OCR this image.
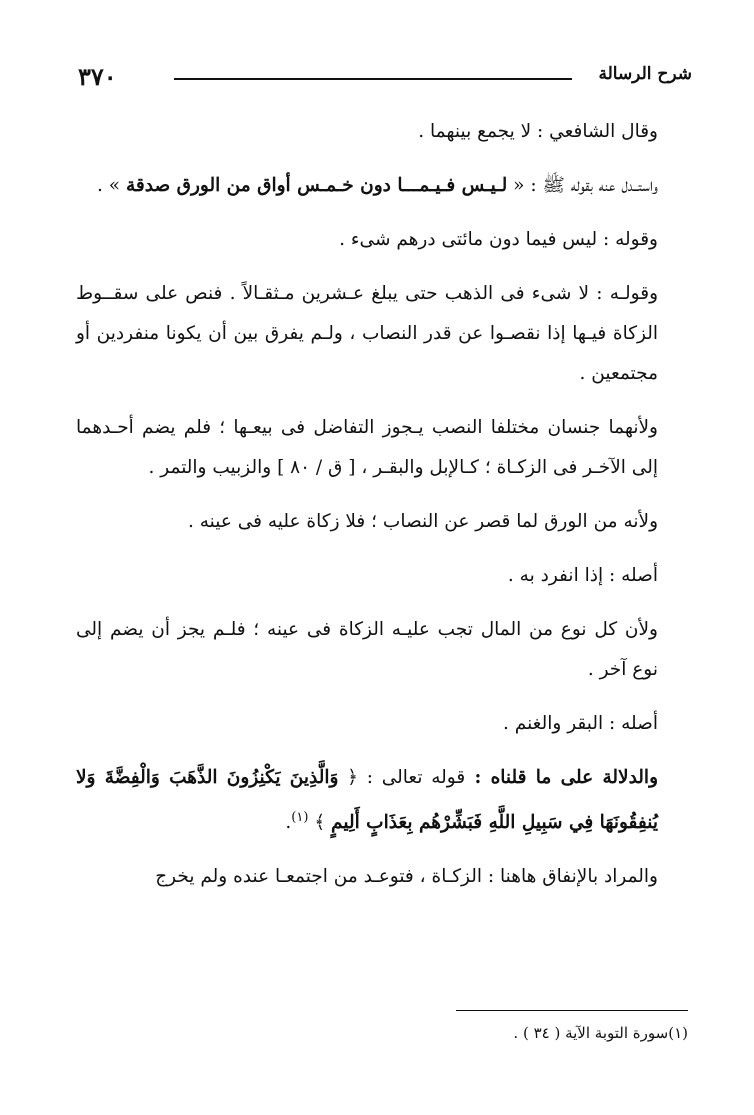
٣٧٠	شرح الرسالة

وقال الشافعي : لا يجمع بينهما .

واستــدل عنه بقوله ﷺ : « لـيـس فـيـمـــا دون خـمـس أواق من الورق صدقة » .

وقوله : ليس فيما دون مائتى درهم شىء .

وقولـه : لا شىء فى الذهب حتى يبلغ عـشرين مـثقـالاً . فنص على سقــوط الزكاة فيـها إذا نقصـوا عن قدر النصاب ، ولـم يفرق بين أن يكونا منفردين أو مجتمعين .

ولأنهما جنسان مختلفا النصب يـجوز التفاضل فى بيعـها ؛ فلم يضم أحـدهما إلى الآخـر فى الزكـاة ؛ كـالإبل والبقـر ، [ ق / ٨٠ ] والزبيب والتمر .

ولأنه من الورق لما قصر عن النصاب ؛ فلا زكاة عليه فى عينه .

أصله : إذا انفرد به .

ولأن كل نوع من المال تجب عليـه الزكاة فى عينه ؛ فلـم يجز أن يضم إلى نوع آخر .

أصله : البقر والغنم .

والدلالة على ما قلناه : قوله تعالى : ﴿ وَالَّذِينَ يَكْنِزُونَ الذَّهَبَ وَالْفِضَّةَ وَلا يُنفِقُونَهَا فِي سَبِيلِ اللَّهِ فَبَشِّرْهُم بِعَذَابٍ أَلِيمٍ ﴾ $^{(١)}$.

والمراد بالإنفاق هاهنا : الزكـاة ، فتوعـد من اجتمعـا عنده ولم يخرج

(١)سورة التوبة الآية ( ٣٤ ) .
